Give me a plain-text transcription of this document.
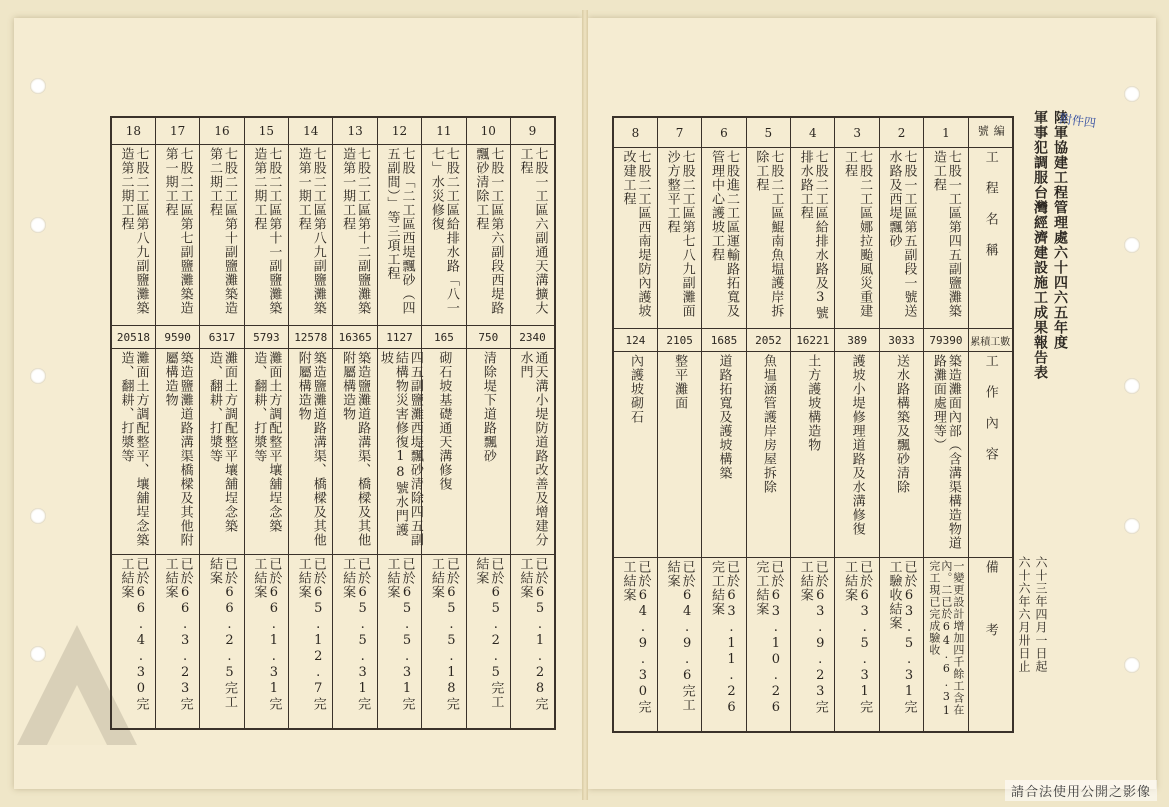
18	17	16	15	14	13	12	11	10	9
七股二工區第八九副鹽灘築造第二期工程	七股二工區第七副鹽灘築造第一期工程	七股二工區第十副鹽灘築造第二期工程	七股二工區第十一副鹽灘築造第二期工程	七股二工區第八九副鹽灘築造第一期工程	七股二工區第十二副鹽灘築造第一期工程	七股「二工區西堤飄砂（四五副間）」等三項工程	七股二工區給排水路「八一七」水災修復	七股一工區第六副段西堤路飄砂清除工程	七股一工區六副通天溝擴大工程
20518	9590	6317	5793	12578	16365	1127	165	750	2340
灘面土方調配整平、壤舖埕念築造、翻耕、打漿等	築造鹽灘道路溝渠橋樑及其他附屬構造物	灘面土方調配整平壤舖埕念築造、翻耕、打漿等	灘面土方調配整平壤舖埕念築造、翻耕、打漿等	築造鹽灘道路溝渠、橋樑及其他附屬構造物	築造鹽灘道路溝渠、橋樑及其他附屬構造物	四五副鹽灘西堤飄砂清除四五副結構物災害修復18號水門護坡	砌石坡基礎通天溝修復	清除堤下道路飄砂	通天溝小堤防道路改善及增建分水門
已於66.4.30完工結案	已於66.3.23完工結案	已於66.2.5完工結案	已於66.1.31完工結案	已於65.12.7完工結案	已於65.5.31完工結案	已於65.5.31完工結案	已於65.5.18完工結案	已於65.2.5完工結案	已於65.1.28完工結案
8	7	6	5	4	3	2	1	編號
七股二工區西南堤防內護坡改建工程	七股二工區第七八九副灘面沙方整平工程	七股進二工區運輸路拓寬及管理中心護坡工程	七股二工區鯤南魚塭護岸拆除工程	七股二工區給排水路及3號排水路工程	七股二工區娜拉颱風災重建工程	七股一工區第五副段一號送水路及西堤飄砂	七股一工區第四五副鹽灘築造工程	工程名稱
124	2105	1685	2052	16221	389	3033	79390	累積工數
內護坡砌石	整平灘面	道路拓寬及護坡構築	魚塭涵管護岸房屋拆除	土方護坡構造物	護坡小堤修理道路及水溝修復	送水路構築及飄砂清除	築造灘面內部（含溝渠構造物道路灘面處理等）	工作內容
已於64.9.30完工結案	已於64.9.6完工結案	已於63.11.26完工結案	已於63.10.26完工結案	已於63.9.23完工結案	已於63.5.31完工結案	已於63.5.31完工驗收結案	一變更設計增加四千餘工含在內。二已於64.6.31完工現已完成驗收	備考
陸軍協建工程管理處六十四六五年度
軍事犯調服台灣經濟建設施工成果報告表
六十三年四月一日起
六十六年六月卅日止
附件四
請合法使用公開之影像
